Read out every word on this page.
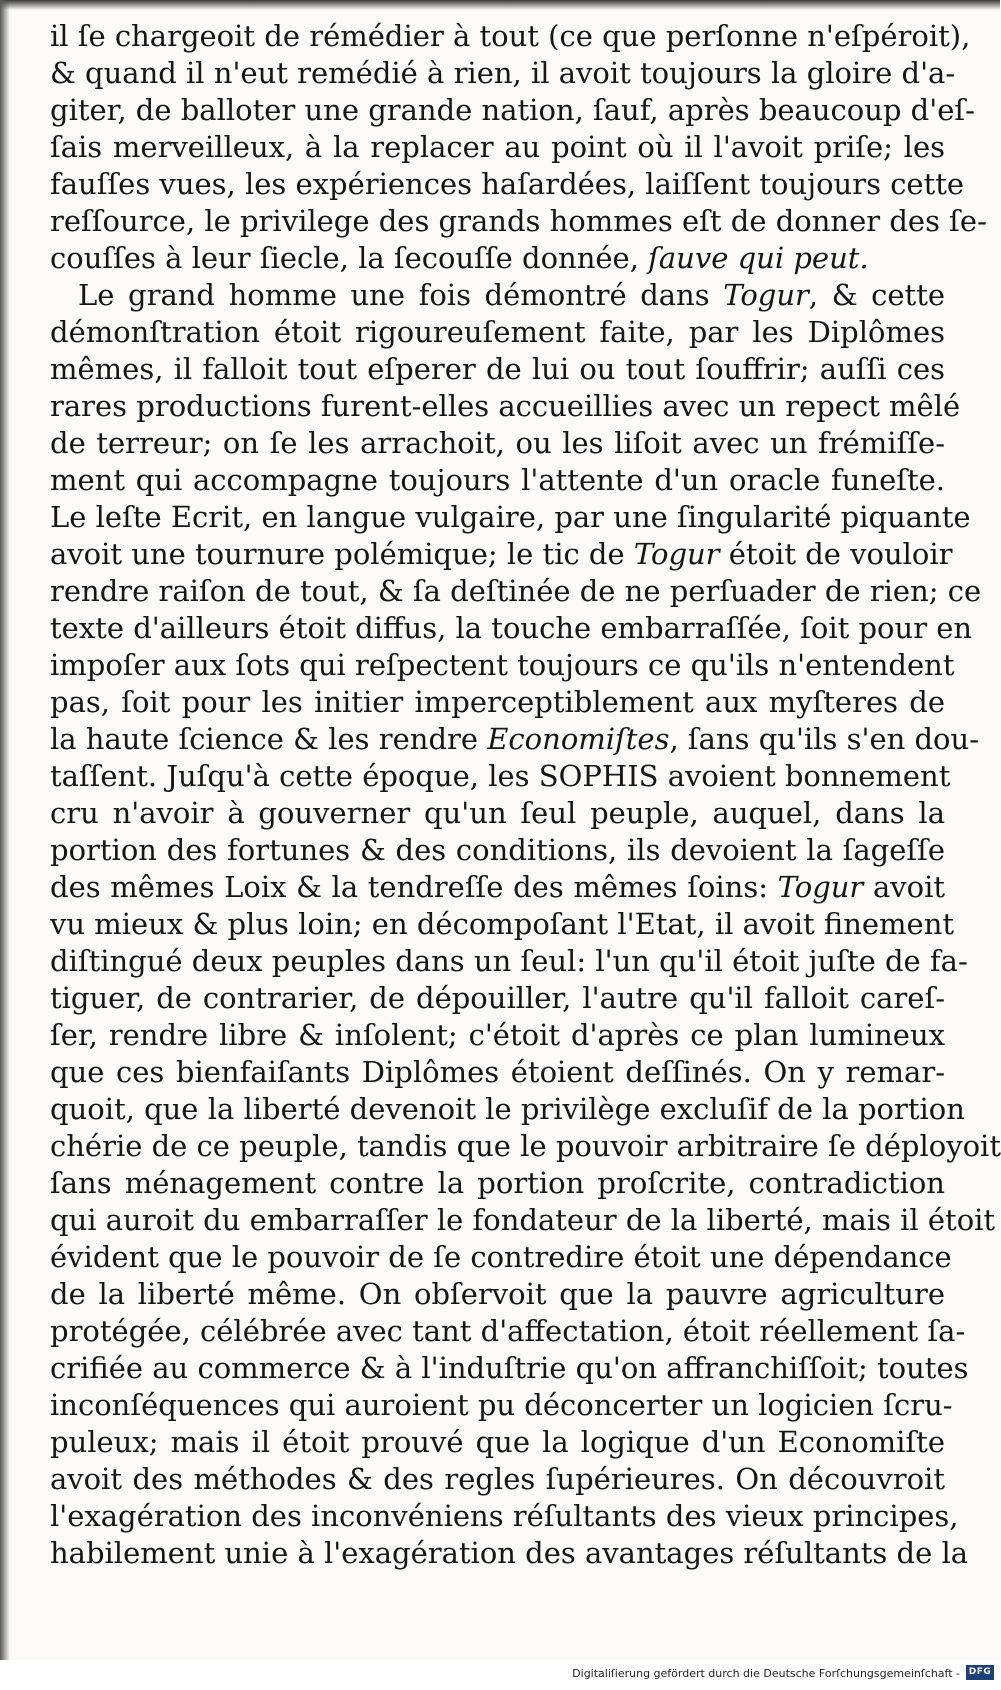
il ſe chargeoit de rémédier à tout (ce que perſonne n'eſpéroit),
& quand il n'eut remédié à rien, il avoit toujours la gloire d'a-
giter, de balloter une grande nation, ſauf, après beaucoup d'eſ-
ſais merveilleux, à la replacer au point où il l'avoit priſe; les
fauſſes vues, les expériences haſardées, laiſſent toujours cette
reſſource, le privilege des grands hommes eſt de donner des ſe-
couſſes à leur ſiecle, la ſecouſſe donnée, ſauve qui peut.
Le grand homme une fois démontré dans Togur, & cette
démonſtration étoit rigoureuſement faite, par les Diplômes
mêmes, il falloit tout eſperer de lui ou tout ſouffrir; auſſi ces
rares productions furent-elles accueillies avec un repect mêlé
de terreur; on ſe les arrachoit, ou les liſoit avec un frémiſſe-
ment qui accompagne toujours l'attente d'un oracle funeſte.
Le leſte Ecrit, en langue vulgaire, par une ſingularité piquante
avoit une tournure polémique; le tic de Togur étoit de vouloir
rendre raiſon de tout, & ſa deſtinée de ne perſuader de rien; ce
texte d'ailleurs étoit diffus, la touche embarraſſée, ſoit pour en
impoſer aux ſots qui reſpectent toujours ce qu'ils n'entendent
pas, ſoit pour les initier imperceptiblement aux myſteres de
la haute ſcience & les rendre Economiſtes, ſans qu'ils s'en dou-
taſſent. Juſqu'à cette époque, les SOPHIS avoient bonnement
cru n'avoir à gouverner qu'un ſeul peuple, auquel, dans la
portion des fortunes & des conditions, ils devoient la ſageſſe
des mêmes Loix & la tendreſſe des mêmes ſoins: Togur avoit
vu mieux & plus loin; en décompoſant l'Etat, il avoit finement
diſtingué deux peuples dans un ſeul: l'un qu'il étoit juſte de fa-
tiguer, de contrarier, de dépouiller, l'autre qu'il falloit careſ-
ſer, rendre libre & inſolent; c'étoit d'après ce plan lumineux
que ces bienfaiſants Diplômes étoient deſſinés. On y remar-
quoit, que la liberté devenoit le privilège excluſif de la portion
chérie de ce peuple, tandis que le pouvoir arbitraire ſe déployoit
ſans ménagement contre la portion proſcrite, contradiction
qui auroit du embarraſſer le fondateur de la liberté, mais il étoit
évident que le pouvoir de ſe contredire étoit une dépendance
de la liberté même. On obſervoit que la pauvre agriculture
protégée, célébrée avec tant d'affectation, étoit réellement ſa-
crifiée au commerce & à l'induſtrie qu'on affranchiſſoit; toutes
inconſéquences qui auroient pu déconcerter un logicien ſcru-
puleux; mais il étoit prouvé que la logique d'un Economiſte
avoit des méthodes & des regles ſupérieures. On découvroit
l'exagération des inconvéniens réſultants des vieux principes,
habilement unie à l'exagération des avantages réſultants de la
Digitaliſierung gefördert durch die Deutsche Forſchungsgemeinſchaft - DFG
